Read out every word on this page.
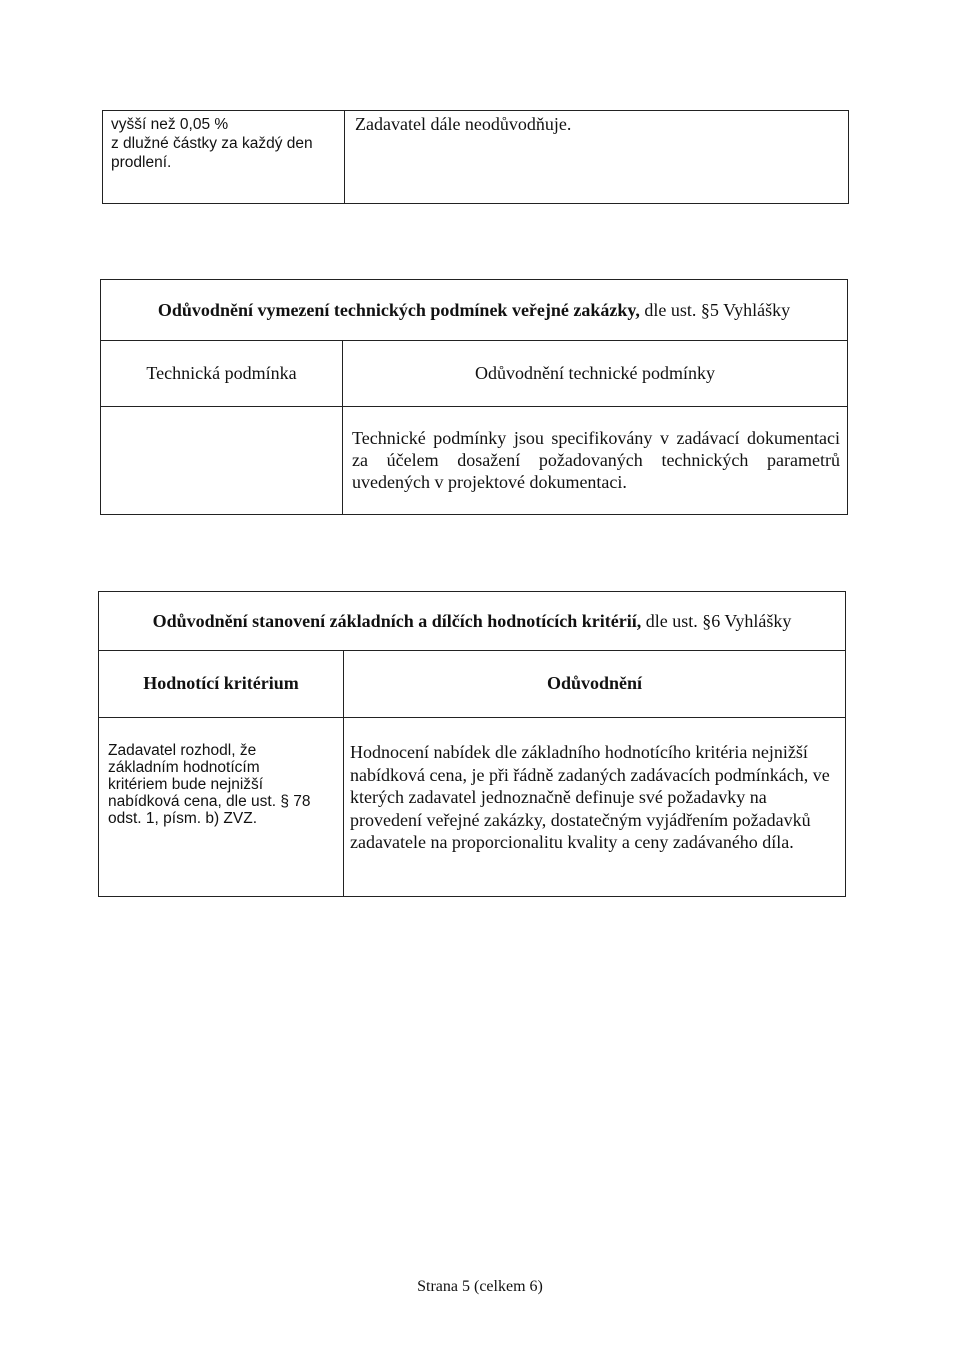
vyšší než 0,05 %
z dlužné částky za každý den
prodlení.
Zadavatel dále neodůvodňuje.
Odůvodnění vymezení technických podmínek veřejné zakázky, dle ust. §5 Vyhlášky
Technická podmínka	Odůvodnění technické podmínky
Technické podmínky jsou specifikovány v zadávací dokumentaci za účelem dosažení požadovaných technických parametrů uvedených v projektové dokumentaci.
Odůvodnění stanovení základních a dílčích hodnotících kritérií, dle ust. §6 Vyhlášky
Hodnotící kritérium	Odůvodnění
Zadavatel rozhodl, že základním hodnotícím kritériem bude nejnižší nabídková cena, dle ust. § 78 odst. 1, písm. b) ZVZ.
Hodnocení nabídek dle základního hodnotícího kritéria nejnižší nabídková cena, je při řádně zadaných zadávacích podmínkách, ve kterých zadavatel jednoznačně definuje své požadavky na provedení veřejné zakázky, dostatečným vyjádřením požadavků zadavatele na proporcionalitu kvality a ceny zadávaného díla.
Strana 5 (celkem 6)
